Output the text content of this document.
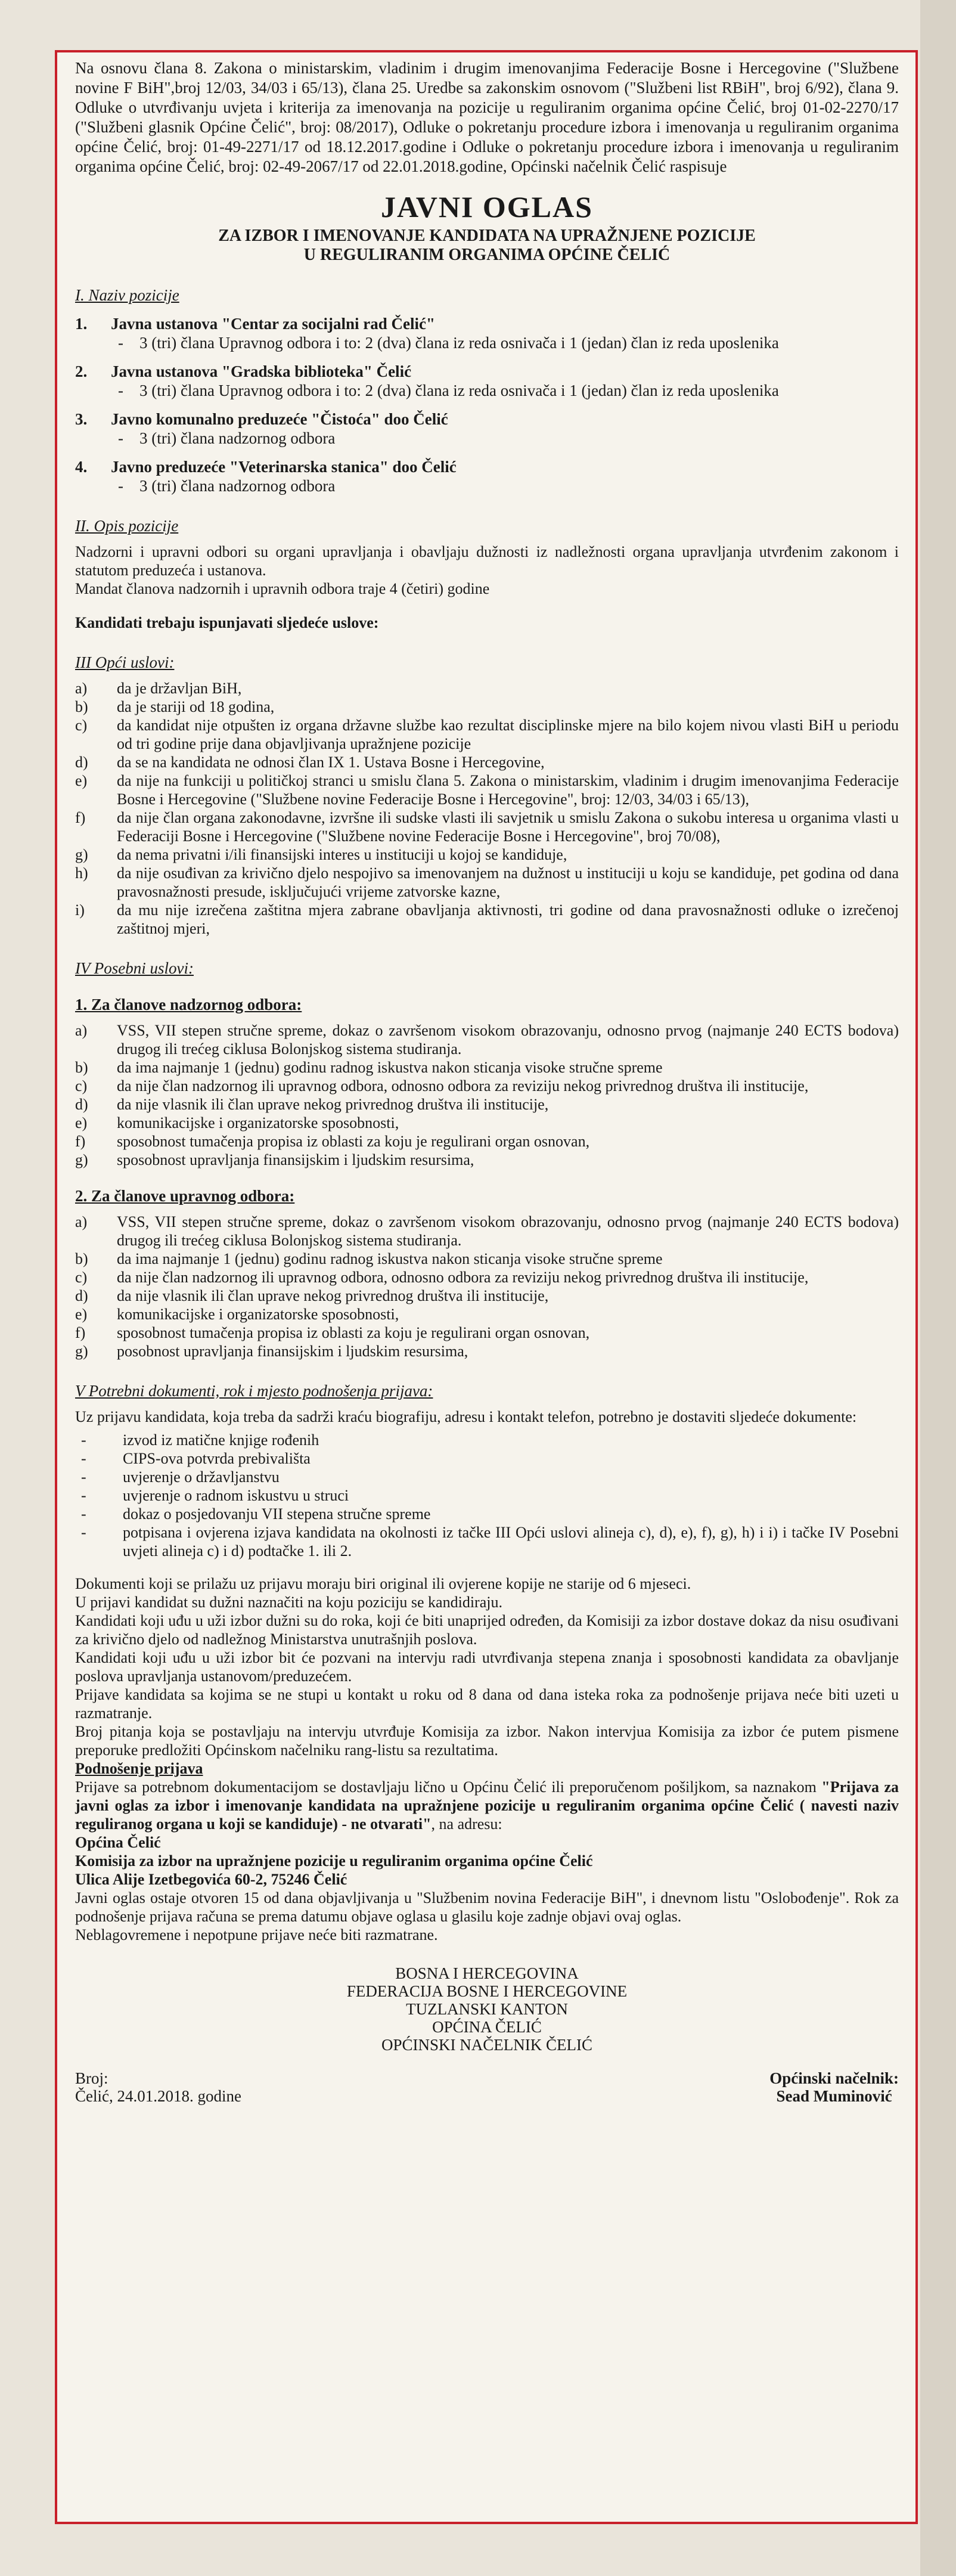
Na osnovu člana 8. Zakona o ministarskim, vladinim i drugim imenovanjima Federacije Bosne i Hercegovine ("Službene novine F BiH",broj 12/03, 34/03 i 65/13), člana 25. Uredbe sa zakonskim osnovom ("Službeni list RBiH", broj 6/92), člana 9. Odluke o utvrđivanju uvjeta i kriterija za imenovanja na pozicije u reguliranim organima općine Čelić, broj 01-02-2270/17 ("Službeni glasnik Općine Čelić", broj: 08/2017), Odluke o pokretanju procedure izbora i imenovanja u reguliranim organima općine Čelić, broj: 01-49-2271/17 od 18.12.2017.godine i Odluke o pokretanju procedure izbora i imenovanja u reguliranim organima općine Čelić, broj: 02-49-2067/17 od 22.01.2018.godine, Općinski načelnik Čelić raspisuje

JAVNI OGLAS

ZA IZBOR I IMENOVANJE KANDIDATA NA UPRAŽNJENE POZICIJE

U REGULIRANIM ORGANIMA OPĆINE ČELIĆ

I. Naziv pozicije
1. Javna ustanova "Centar za socijalni rad Čelić"
- 3 (tri) člana Upravnog odbora i to: 2 (dva) člana iz reda osnivača i 1 (jedan) član iz reda uposlenika
2. Javna ustanova "Gradska biblioteka" Čelić
- 3 (tri) člana Upravnog odbora i to: 2 (dva) člana iz reda osnivača i 1 (jedan) član iz reda uposlenika
3. Javno komunalno preduzeće "Čistoća" doo Čelić
- 3 (tri) člana nadzornog odbora
4. Javno preduzeće "Veterinarska stanica" doo Čelić
- 3 (tri) člana nadzornog odbora
II. Opis pozicije

Nadzorni i upravni odbori su organi upravljanja i obavljaju dužnosti iz nadležnosti organa upravljanja utvrđenim zakonom i statutom preduzeća i ustanova.

Mandat članova nadzornih i upravnih odbora traje 4 (četiri) godine

Kandidati trebaju ispunjavati sljedeće uslove:

III Opći uslovi:
a)	da je državljan BiH,
b)	da je stariji od 18 godina,
c)	da kandidat nije otpušten iz organa državne službe kao rezultat disciplinske mjere na bilo kojem nivou vlasti BiH u periodu od tri godine prije dana objavljivanja upražnjene pozicije
d)	da se na kandidata ne odnosi član IX 1. Ustava Bosne i Hercegovine,
e)	da nije na funkciji u političkoj stranci u smislu člana 5. Zakona o ministarskim, vladinim i drugim imenovanjima Federacije Bosne i Hercegovine ("Službene novine Federacije Bosne i Hercegovine", broj: 12/03, 34/03 i 65/13),
f)	da nije član organa zakonodavne, izvršne ili sudske vlasti ili savjetnik u smislu Zakona o sukobu interesa u organima vlasti u Federaciji Bosne i Hercegovine ("Službene novine Federacije Bosne i Hercegovine", broj 70/08),
g)	da nema privatni i/ili finansijski interes u instituciji u kojoj se kandiduje,
h)	da nije osuđivan za krivično djelo nespojivo sa imenovanjem na dužnost u instituciji u koju se kandiduje, pet godina od dana pravosnažnosti presude, isključujući vrijeme zatvorske kazne,
i)	da mu nije izrečena zaštitna mjera zabrane obavljanja aktivnosti, tri godine od dana pravosnažnosti odluke o izrečenoj zaštitnoj mjeri,
IV Posebni uslovi:
1. Za članove nadzornog odbora:
a)	VSS, VII stepen stručne spreme, dokaz o završenom visokom obrazovanju, odnosno prvog (najmanje 240 ECTS bodova) drugog ili trećeg ciklusa Bolonjskog sistema studiranja.
b)	da ima najmanje 1 (jednu) godinu radnog iskustva nakon sticanja visoke stručne spreme
c)	da nije član nadzornog ili upravnog odbora, odnosno odbora za reviziju nekog privrednog društva ili institucije,
d)	da nije vlasnik ili član uprave nekog privrednog društva ili institucije,
e)	komunikacijske i organizatorske sposobnosti,
f)	sposobnost tumačenja propisa iz oblasti za koju je regulirani organ osnovan,
g)	sposobnost upravljanja finansijskim i ljudskim resursima,
2. Za članove upravnog odbora:
a)	VSS, VII stepen stručne spreme, dokaz o završenom visokom obrazovanju, odnosno prvog (najmanje 240 ECTS bodova) drugog ili trećeg ciklusa Bolonjskog sistema studiranja.
b)	da ima najmanje 1 (jednu) godinu radnog iskustva nakon sticanja visoke stručne spreme
c)	da nije član nadzornog ili upravnog odbora, odnosno odbora za reviziju nekog privrednog društva ili institucije,
d)	da nije vlasnik ili član uprave nekog privrednog društva ili institucije,
e)	komunikacijske i organizatorske sposobnosti,
f)	sposobnost tumačenja propisa iz oblasti za koju je regulirani organ osnovan,
g)	posobnost upravljanja finansijskim i ljudskim resursima,
V Potrebni dokumenti, rok i mjesto podnošenja prijava:

Uz prijavu kandidata, koja treba da sadrži kraću biografiju, adresu i kontakt telefon, potrebno je dostaviti sljedeće dokumente:

-	izvod iz matične knjige rođenih
-	CIPS-ova potvrda prebivališta
-	uvjerenje o državljanstvu
-	uvjerenje o radnom iskustvu u struci
-	dokaz o posjedovanju VII stepena stručne spreme
-	potpisana i ovjerena izjava kandidata na okolnosti iz tačke III Opći uslovi alineja c), d), e), f), g), h) i i) i tačke IV Posebni uvjeti alineja c) i d) podtačke 1. ili 2.

Dokumenti koji se prilažu uz prijavu moraju biri original ili ovjerene kopije ne starije od 6 mjeseci.

U prijavi kandidat su dužni naznačiti na koju poziciju se kandidiraju.

Kandidati koji uđu u uži izbor dužni su do roka, koji će biti unaprijed određen, da Komisiji za izbor dostave dokaz da nisu osuđivani za krivično djelo od nadležnog Ministarstva unutrašnjih poslova.

Kandidati koji uđu u uži izbor bit će pozvani na intervju radi utvrđivanja stepena znanja i sposobnosti kandidata za obavljanje poslova upravljanja ustanovom/preduzećem.

Prijave kandidata sa kojima se ne stupi u kontakt u roku od 8 dana od dana isteka roka za podnošenje prijava neće biti uzeti u razmatranje.

Broj pitanja koja se postavljaju na intervju utvrđuje Komisija za izbor. Nakon intervjua Komisija za izbor će putem pismene preporuke predložiti Općinskom načelniku rang-listu sa rezultatima.

Podnošenje prijava

Prijave sa potrebnom dokumentacijom se dostavljaju lično u Općinu Čelić ili preporučenom pošiljkom, sa naznakom "Prijava za javni oglas za izbor i imenovanje kandidata na upražnjene pozicije u reguliranim organima općine Čelić ( navesti naziv reguliranog organa u koji se kandiduje) - ne otvarati", na adresu:

Općina Čelić

Komisija za izbor na upražnjene pozicije u reguliranim organima općine Čelić

Ulica Alije Izetbegovića 60-2, 75246 Čelić

Javni oglas ostaje otvoren 15 od dana objavljivanja u "Službenim novina Federacije BiH", i dnevnom listu "Oslobođenje". Rok za podnošenje prijava računa se prema datumu objave oglasa u glasilu koje zadnje objavi ovaj oglas.

Neblagovremene i nepotpune prijave neće biti razmatrane.

BOSNA I HERCEGOVINA
FEDERACIJA BOSNE I HERCEGOVINE
TUZLANSKI KANTON
OPĆINA ČELIĆ
OPĆINSKI NAČELNIK ČELIĆ
Broj:
Čelić, 24.01.2018. godine
Općinski načelnik:
Sead Muminović
